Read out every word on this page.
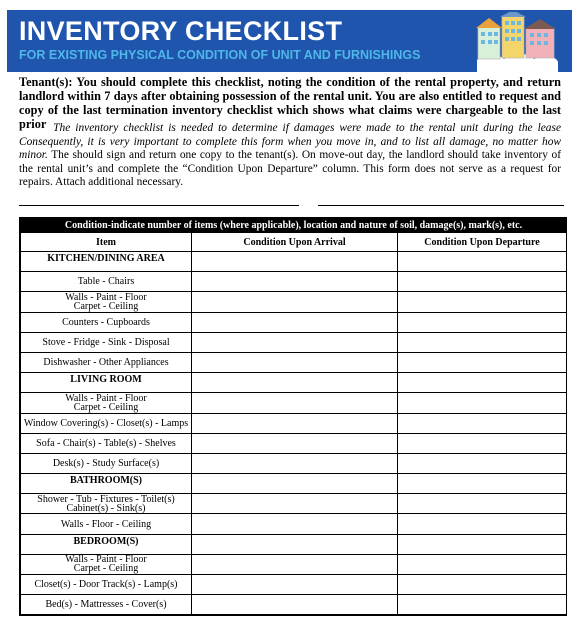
INVENTORY CHECKLIST
FOR EXISTING PHYSICAL CONDITION OF UNIT AND FURNISHINGS
Tenant(s): You should complete this checklist, noting the condition of the rental property, and return landlord within 7 days after obtaining possession of the rental unit. You are also entitled to request and copy of the last termination inventory checklist which shows what claims were chargeable to the last prior
    The inventory checklist is needed to determine if damages were made to the rental unit during the lease Consequently, it is very important to complete this form when you move in, and to list all damage, no matter how minor. The should sign and return one copy to the tenant(s). On move-out day, the landlord should take inventory of the rental unit’s and complete the “Condition Upon Departure” column. This form does not serve as a request for repairs. Attach additional necessary.
Condition-indicate number of items (where applicable), location and nature of soil, damage(s), mark(s), etc.		
Item	Condition Upon Arrival	Condition Upon Departure
KITCHEN/DINING AREA		
Table - Chairs		
Walls - Paint - Floor
Carpet - Ceiling		
Counters - Cupboards		
Stove - Fridge - Sink - Disposal		
Dishwasher - Other Appliances		
LIVING ROOM		
Walls - Paint - Floor
Carpet - Ceiling		
Window Covering(s) - Closet(s) - Lamps		
Sofa - Chair(s) - Table(s) - Shelves		
Desk(s) - Study Surface(s)		
BATHROOM(S)		
Shower - Tub - Fixtures - Toilet(s)
Cabinet(s) - Sink(s)		
Walls - Floor - Ceiling		
BEDROOM(S)		
Walls - Paint - Floor
Carpet - Ceiling		
Closet(s) - Door Track(s) - Lamp(s)		
Bed(s) - Mattresses - Cover(s)		
